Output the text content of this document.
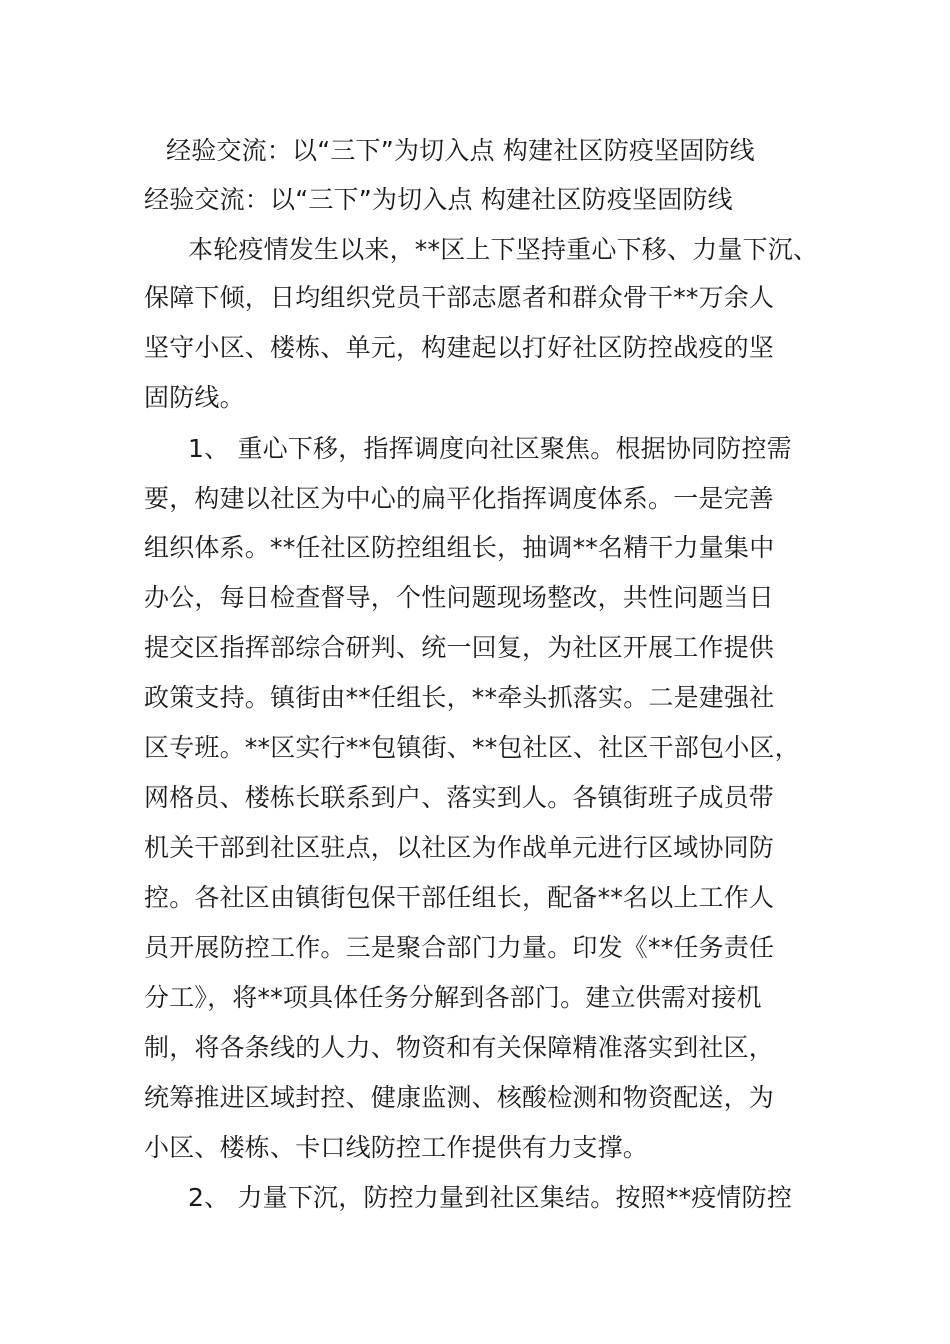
经验交流：以“三下”为切入点 构建社区防疫坚固防线
经验交流：以“三下”为切入点 构建社区防疫坚固防线
本轮疫情发生以来，**区上下坚持重心下移、力量下沉、
保障下倾，日均组织党员干部志愿者和群众骨干**万余人
坚守小区、楼栋、单元，构建起以打好社区防控战疫的坚
固防线。
1、 重心下移，指挥调度向社区聚焦。根据协同防控需
要，构建以社区为中心的扁平化指挥调度体系。一是完善
组织体系。**任社区防控组组长，抽调**名精干力量集中
办公，每日检查督导，个性问题现场整改，共性问题当日
提交区指挥部综合研判、统一回复，为社区开展工作提供
政策支持。镇街由**任组长，**牵头抓落实。二是建强社
区专班。**区实行**包镇街、**包社区、社区干部包小区，
网格员、楼栋长联系到户、落实到人。各镇街班子成员带
机关干部到社区驻点，以社区为作战单元进行区域协同防
控。各社区由镇街包保干部任组长，配备**名以上工作人
员开展防控工作。三是聚合部门力量。印发《**任务责任
分工》，将**项具体任务分解到各部门。建立供需对接机
制，将各条线的人力、物资和有关保障精准落实到社区，
统筹推进区域封控、健康监测、核酸检测和物资配送，为
小区、楼栋、卡口线防控工作提供有力支撑。
2、 力量下沉，防控力量到社区集结。按照**疫情防控
